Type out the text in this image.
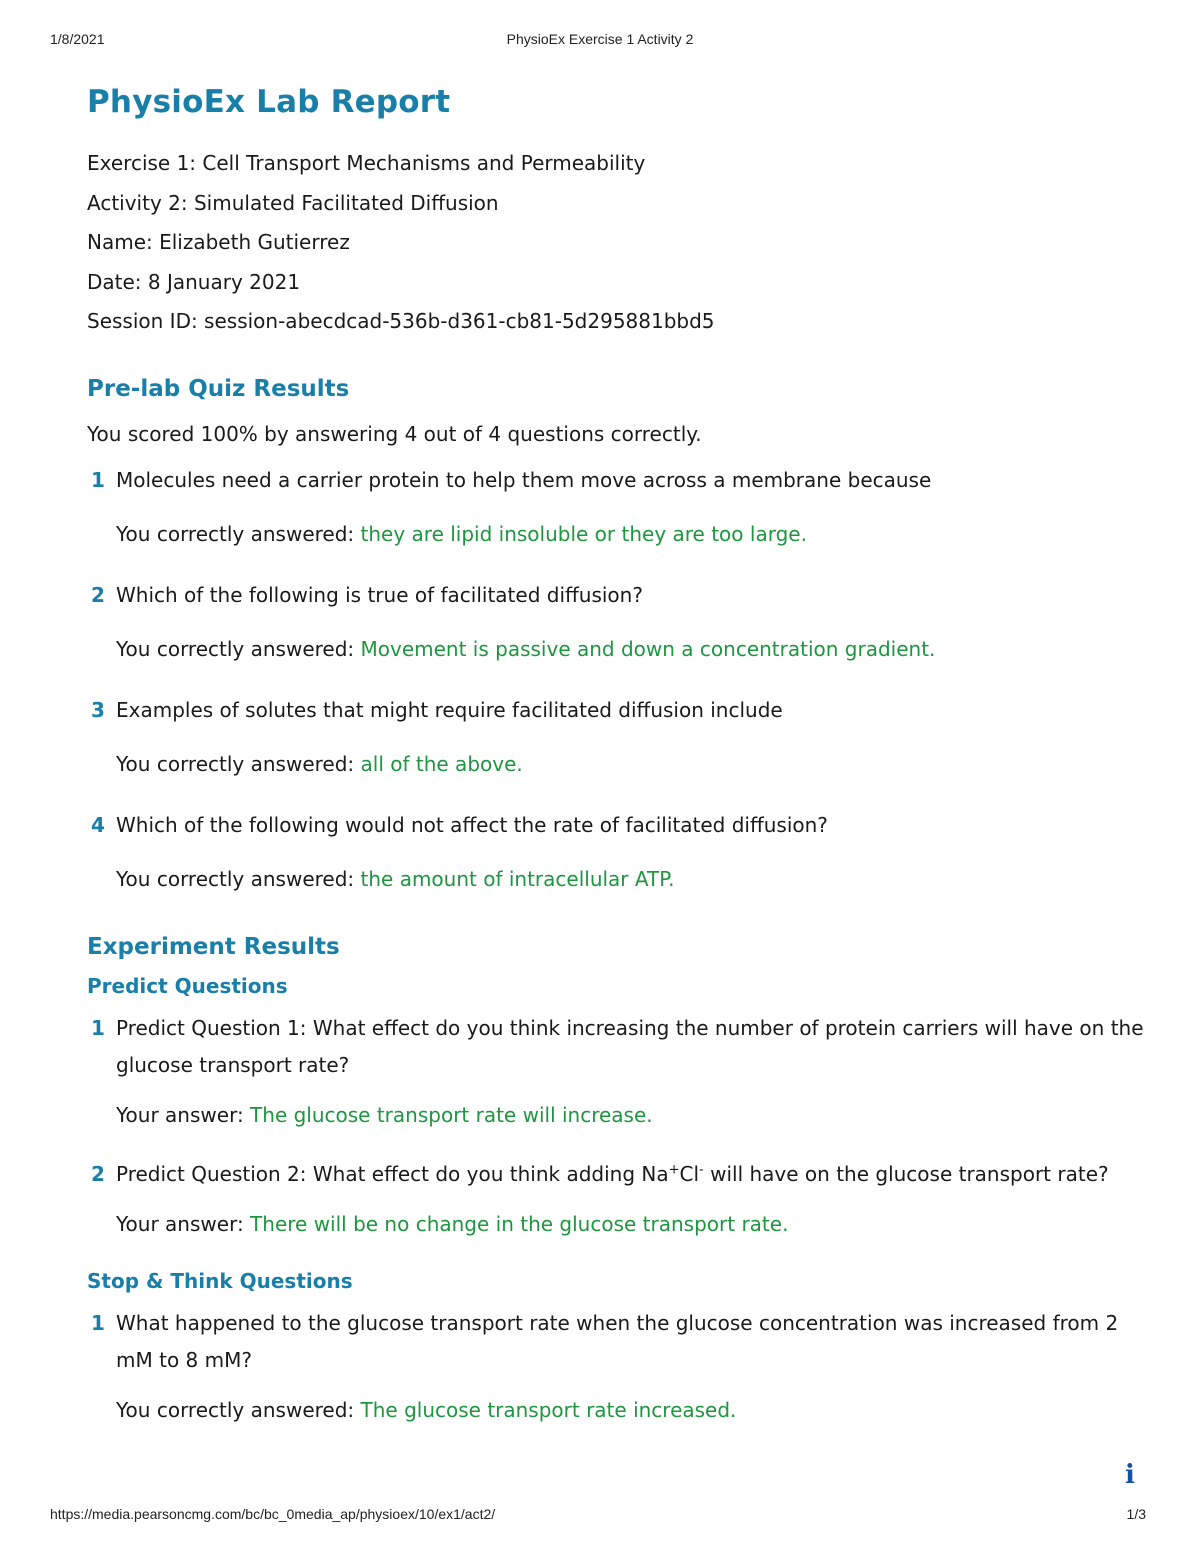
1/8/2021	PhysioEx Exercise 1 Activity 2
PhysioEx Lab Report

Exercise 1: Cell Transport Mechanisms and Permeability

Activity 2: Simulated Facilitated Diffusion

Name: Elizabeth Gutierrez

Date: 8 January 2021

Session ID: session-abecdcad-536b-d361-cb81-5d295881bbd5

Pre-lab Quiz Results

You scored 100% by answering 4 out of 4 questions correctly.

1 Molecules need a carrier protein to help them move across a membrane because
You correctly answered: they are lipid insoluble or they are too large.
2 Which of the following is true of facilitated diffusion?
You correctly answered: Movement is passive and down a concentration gradient.
3 Examples of solutes that might require facilitated diffusion include
You correctly answered: all of the above.
4 Which of the following would not affect the rate of facilitated diffusion?
You correctly answered: the amount of intracellular ATP.
Experiment Results
Predict Questions
1 Predict Question 1: What effect do you think increasing the number of protein carriers will have on the glucose transport rate?
Your answer: The glucose transport rate will increase.
2 Predict Question 2: What effect do you think adding Na+Cl- will have on the glucose transport rate?
Your answer: There will be no change in the glucose transport rate.
Stop & Think Questions
1 What happened to the glucose transport rate when the glucose concentration was increased from 2 mM to 8 mM?
You correctly answered: The glucose transport rate increased.
i
https://media.pearsoncmg.com/bc/bc_0media_ap/physioex/10/ex1/act2/	1/3
